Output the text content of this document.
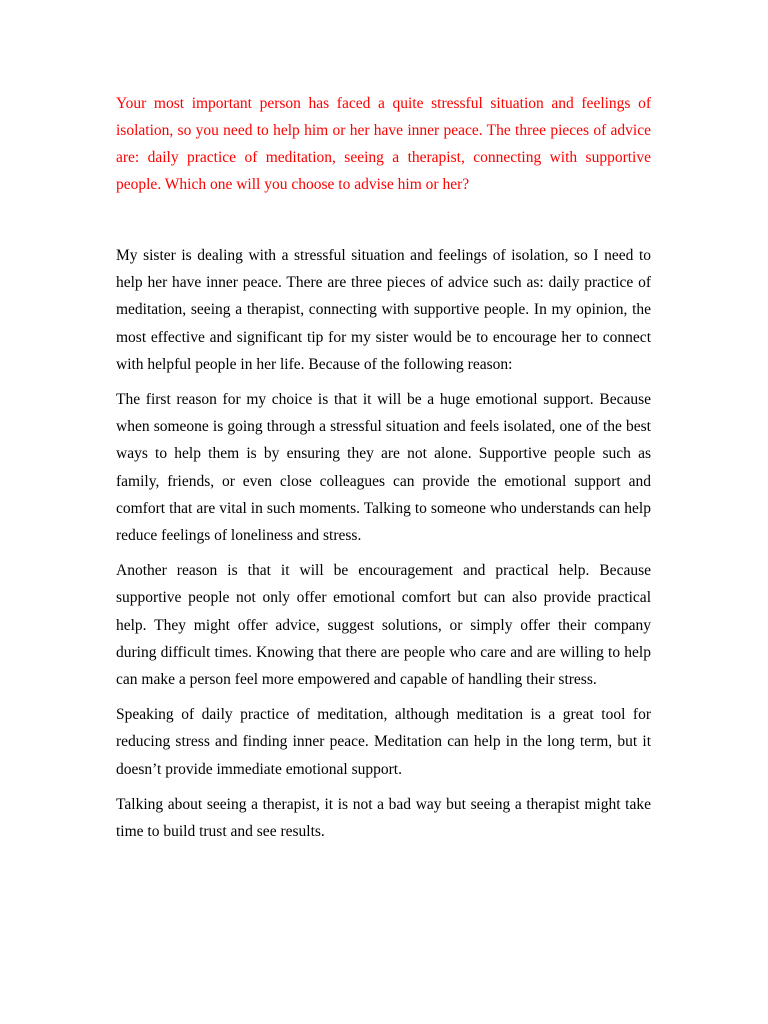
Your most important person has faced a quite stressful situation and feelings of isolation, so you need to help him or her have inner peace. The three pieces of advice are: daily practice of meditation, seeing a therapist, connecting with supportive people. Which one will you choose to advise him or her?

My sister is dealing with a stressful situation and feelings of isolation, so I need to help her have inner peace. There are three pieces of advice such as: daily practice of meditation, seeing a therapist, connecting with supportive people. In my opinion, the most effective and significant tip for my sister would be to encourage her to connect with helpful people in her life. Because of the following reason:

The first reason for my choice is that it will be a huge emotional support. Because when someone is going through a stressful situation and feels isolated, one of the best ways to help them is by ensuring they are not alone. Supportive people such as family, friends, or even close colleagues can provide the emotional support and comfort that are vital in such moments. Talking to someone who understands can help reduce feelings of loneliness and stress.

Another reason is that it will be encouragement and practical help. Because supportive people not only offer emotional comfort but can also provide practical help. They might offer advice, suggest solutions, or simply offer their company during difficult times. Knowing that there are people who care and are willing to help can make a person feel more empowered and capable of handling their stress.

Speaking of daily practice of meditation, although meditation is a great tool for reducing stress and finding inner peace. Meditation can help in the long term, but it doesn’t provide immediate emotional support.

Talking about seeing a therapist, it is not a bad way but seeing a therapist might take time to build trust and see results.
